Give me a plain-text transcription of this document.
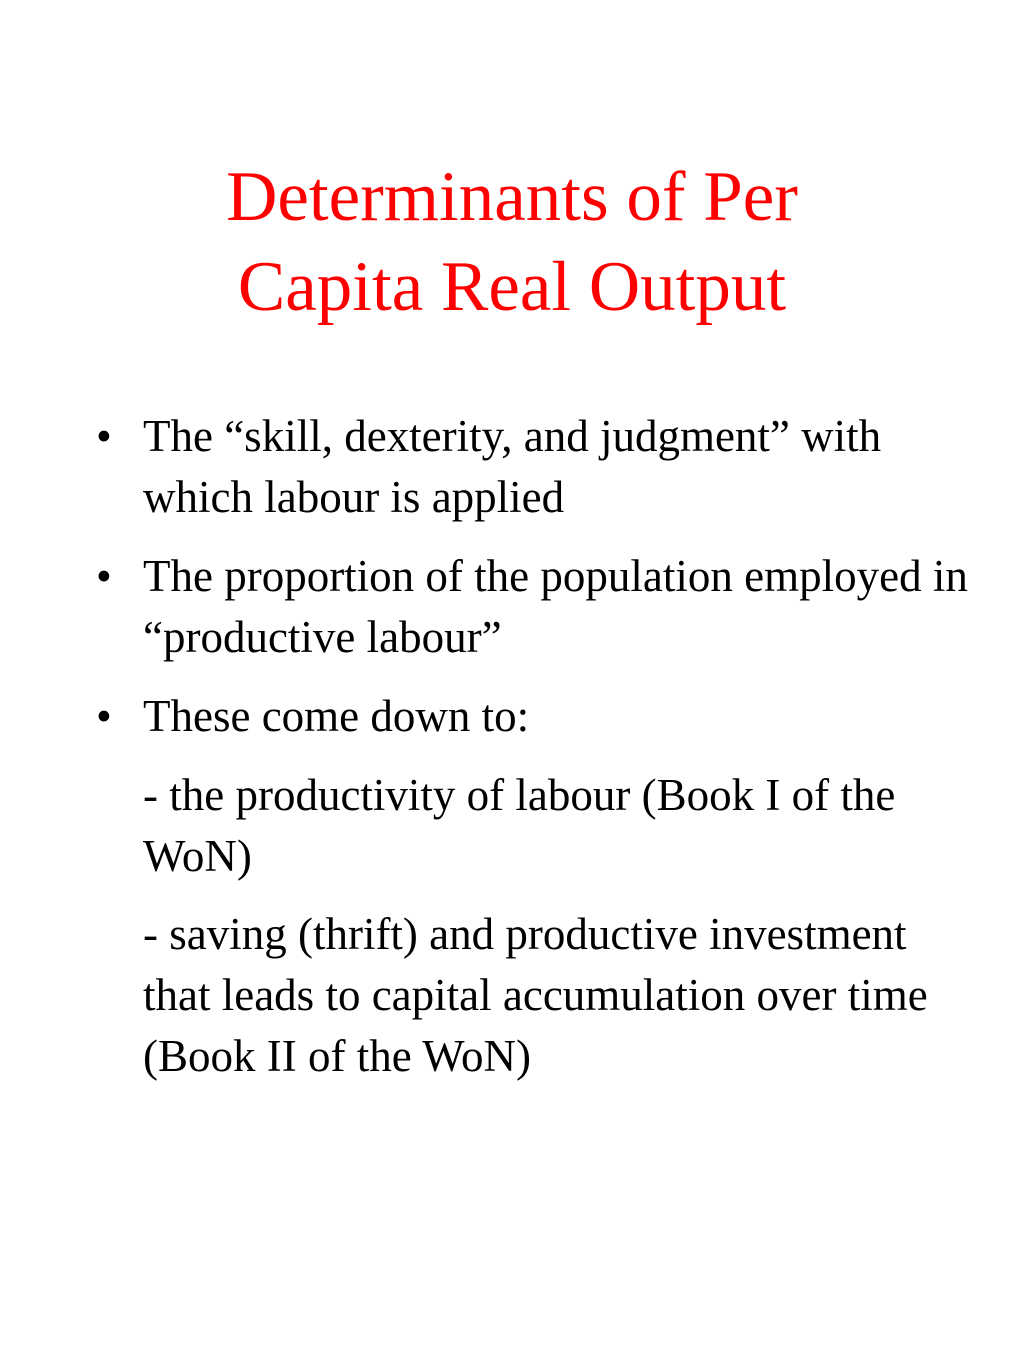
Determinants of Per
Capita Real Output
• The “skill, dexterity, and judgment” with which labour is applied
• The proportion of the population employed in “productive labour”
• These come down to:
- the productivity of labour (Book I of the WoN)
- saving (thrift) and productive investment that leads to capital accumulation over time (Book II of the WoN)
